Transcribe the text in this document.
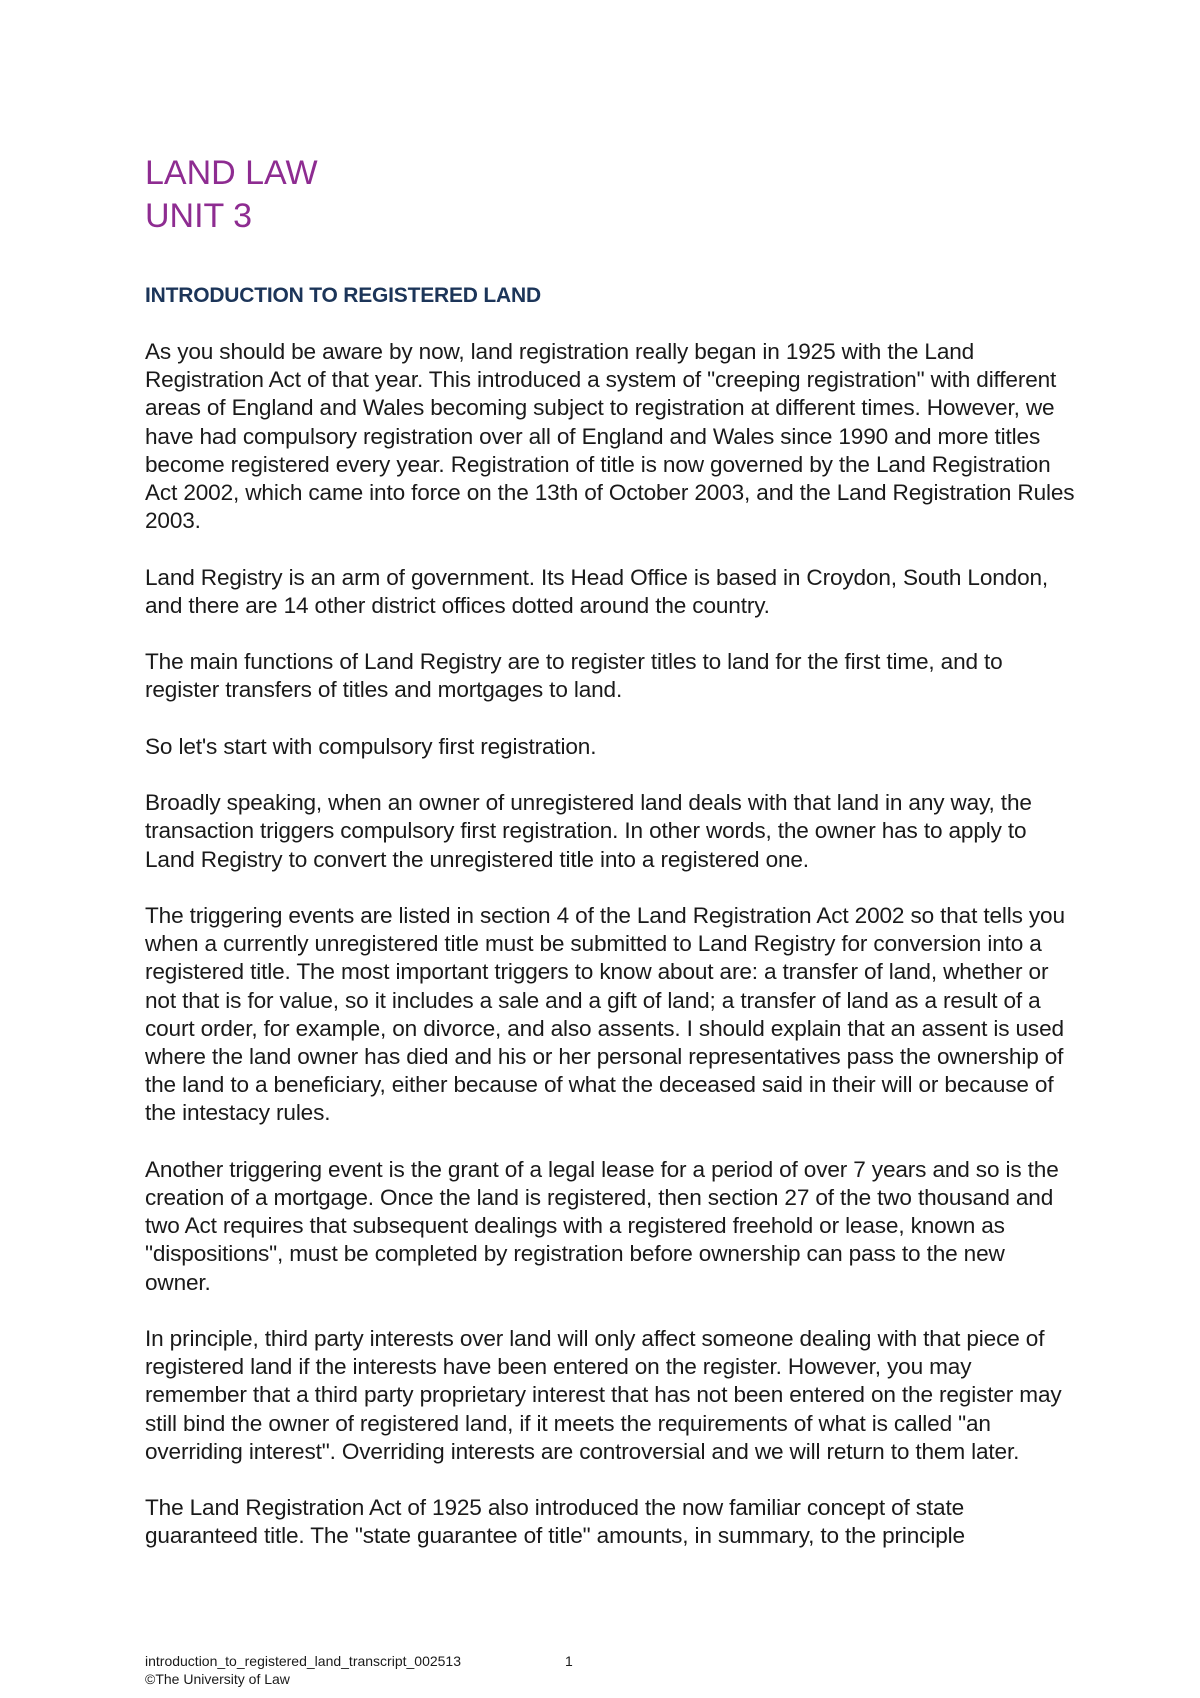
LAND LAW
UNIT 3
INTRODUCTION TO REGISTERED LAND

As you should be aware by now, land registration really began in 1925 with the Land Registration Act of that year. This introduced a system of "creeping registration" with different areas of England and Wales becoming subject to registration at different times. However, we have had compulsory registration over all of England and Wales since 1990 and more titles become registered every year. Registration of title is now governed by the Land Registration Act 2002, which came into force on the 13th of October 2003, and the Land Registration Rules 2003.

Land Registry is an arm of government. Its Head Office is based in Croydon, South London, and there are 14 other district offices dotted around the country.

The main functions of Land Registry are to register titles to land for the first time, and to register transfers of titles and mortgages to land.

So let's start with compulsory first registration.

Broadly speaking, when an owner of unregistered land deals with that land in any way, the transaction triggers compulsory first registration. In other words, the owner has to apply to Land Registry to convert the unregistered title into a registered one.

The triggering events are listed in section 4 of the Land Registration Act 2002 so that tells you when a currently unregistered title must be submitted to Land Registry for conversion into a registered title. The most important triggers to know about are: a transfer of land, whether or not that is for value, so it includes a sale and a gift of land; a transfer of land as a result of a court order, for example, on divorce, and also assents. I should explain that an assent is used where the land owner has died and his or her personal representatives pass the ownership of the land to a beneficiary, either because of what the deceased said in their will or because of the intestacy rules.

Another triggering event is the grant of a legal lease for a period of over 7 years and so is the creation of a mortgage. Once the land is registered, then section 27 of the two thousand and two Act requires that subsequent dealings with a registered freehold or lease, known as "dispositions", must be completed by registration before ownership can pass to the new owner.

In principle, third party interests over land will only affect someone dealing with that piece of registered land if the interests have been entered on the register. However, you may remember that a third party proprietary interest that has not been entered on the register may still bind the owner of registered land, if it meets the requirements of what is called "an overriding interest". Overriding interests are controversial and we will return to them later.

The Land Registration Act of 1925 also introduced the now familiar concept of state guaranteed title. The "state guarantee of title" amounts, in summary, to the principle

introduction_to_registered_land_transcript_002513	1
©The University of Law
